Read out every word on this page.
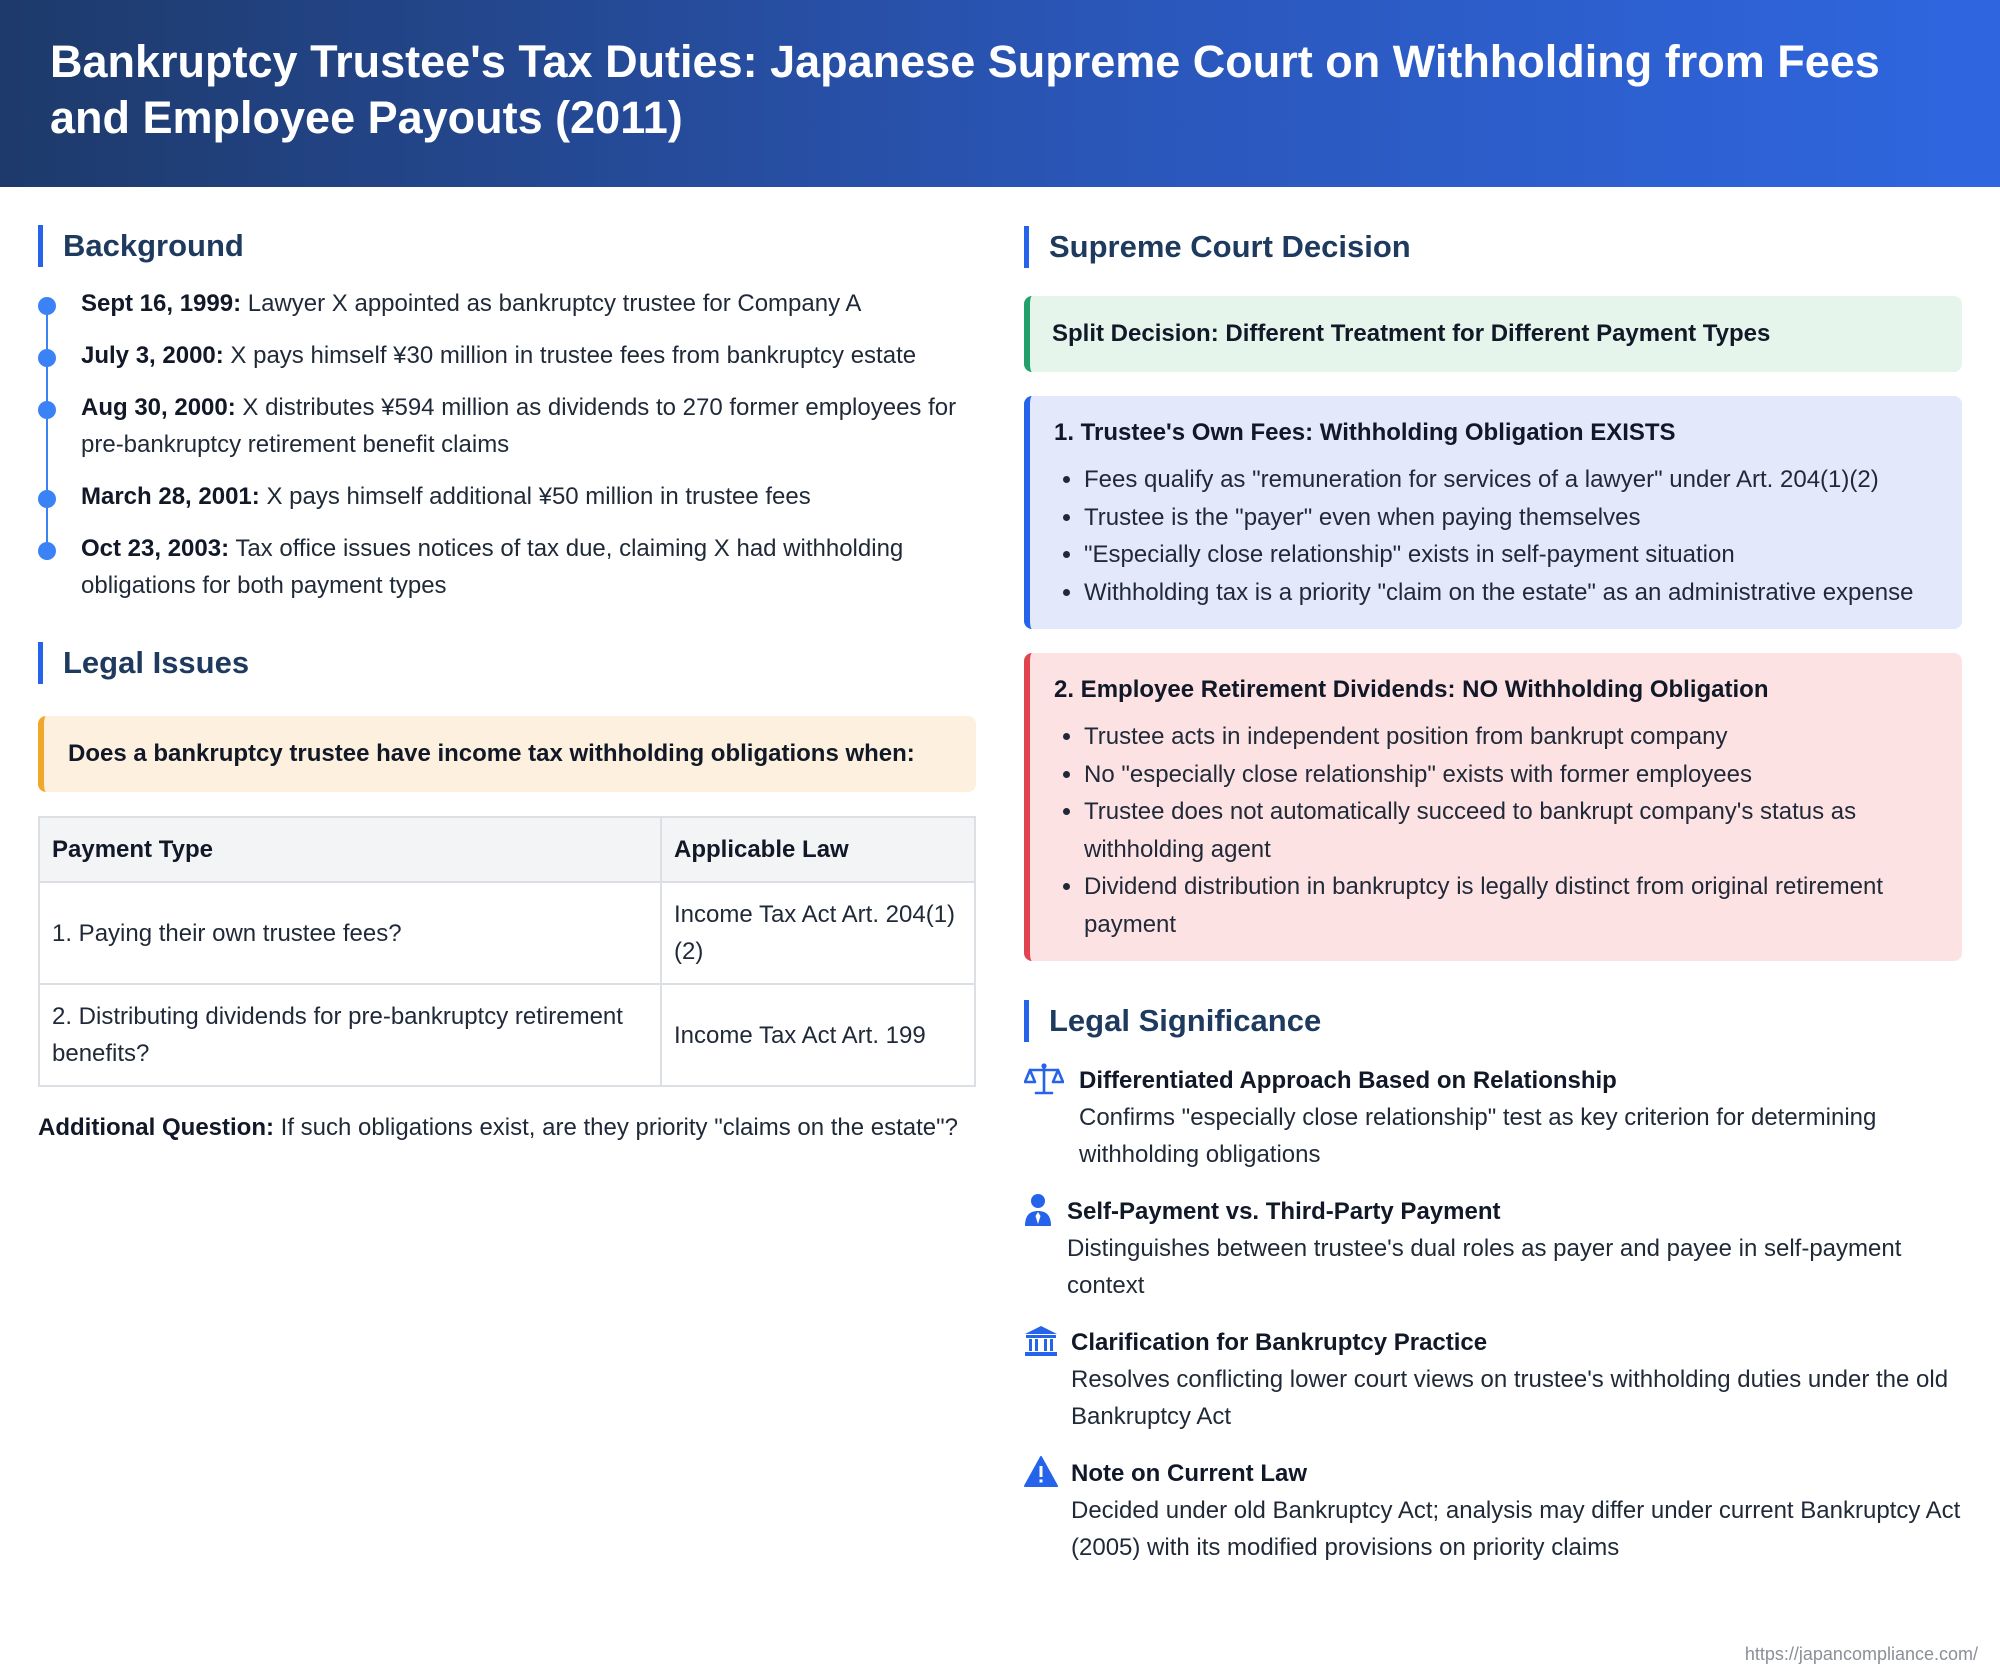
Bankruptcy Trustee's Tax Duties: Japanese Supreme Court on Withholding from Fees and Employee Payouts (2011)
Background
Sept 16, 1999: Lawyer X appointed as bankruptcy trustee for Company A
July 3, 2000: X pays himself ¥30 million in trustee fees from bankruptcy estate
Aug 30, 2000: X distributes ¥594 million as dividends to 270 former employees for pre-bankruptcy retirement benefit claims
March 28, 2001: X pays himself additional ¥50 million in trustee fees
Oct 23, 2003: Tax office issues notices of tax due, claiming X had withholding obligations for both payment types
Legal Issues
Does a bankruptcy trustee have income tax withholding obligations when:
Payment Type	Applicable Law
1. Paying their own trustee fees?	Income Tax Act Art. 204(1)(2)
2. Distributing dividends for pre-bankruptcy retirement benefits?	Income Tax Act Art. 199
Additional Question: If such obligations exist, are they priority "claims on the estate"?
Supreme Court Decision
Split Decision: Different Treatment for Different Payment Types
1. Trustee's Own Fees: Withholding Obligation EXISTS
• Fees qualify as "remuneration for services of a lawyer" under Art. 204(1)(2)
• Trustee is the "payer" even when paying themselves
• "Especially close relationship" exists in self-payment situation
• Withholding tax is a priority "claim on the estate" as an administrative expense
2. Employee Retirement Dividends: NO Withholding Obligation
• Trustee acts in independent position from bankrupt company
• No "especially close relationship" exists with former employees
• Trustee does not automatically succeed to bankrupt company's status as withholding agent
• Dividend distribution in bankruptcy is legally distinct from original retirement payment
Legal Significance
Differentiated Approach Based on Relationship
Confirms "especially close relationship" test as key criterion for determining withholding obligations
Self-Payment vs. Third-Party Payment
Distinguishes between trustee's dual roles as payer and payee in self-payment context
Clarification for Bankruptcy Practice
Resolves conflicting lower court views on trustee's withholding duties under the old Bankruptcy Act
Note on Current Law
Decided under old Bankruptcy Act; analysis may differ under current Bankruptcy Act (2005) with its modified provisions on priority claims
https://japancompliance.com/
